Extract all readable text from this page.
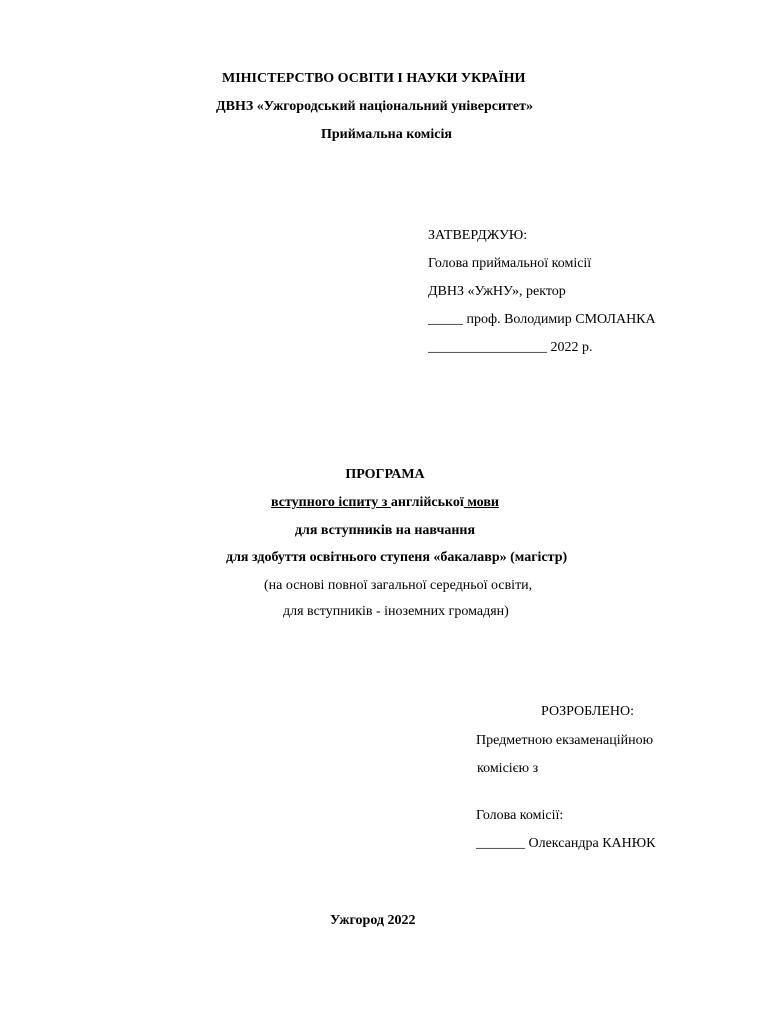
МІНІСТЕРСТВО ОСВІТИ І НАУКИ УКРАЇНИ
ДВНЗ «Ужгородський національний університет»
Приймальна комісія
ЗАТВЕРДЖУЮ:
Голова приймальної комісії
ДВНЗ «УжНУ», ректор
_____ проф. Володимир СМОЛАНКА
_________________ 2022 р.
ПРОГРАМА
вступного іспиту з англійської мови
для вступників на навчання
для здобуття освітнього ступеня «бакалавр» (магістр)
(на основі повної загальної середньої освіти,
для вступників - іноземних громадян)
РОЗРОБЛЕНО:
Предметною екзаменаційною
комісією з
Голова комісії:
_______ Олександра КАНЮК
Ужгород 2022
